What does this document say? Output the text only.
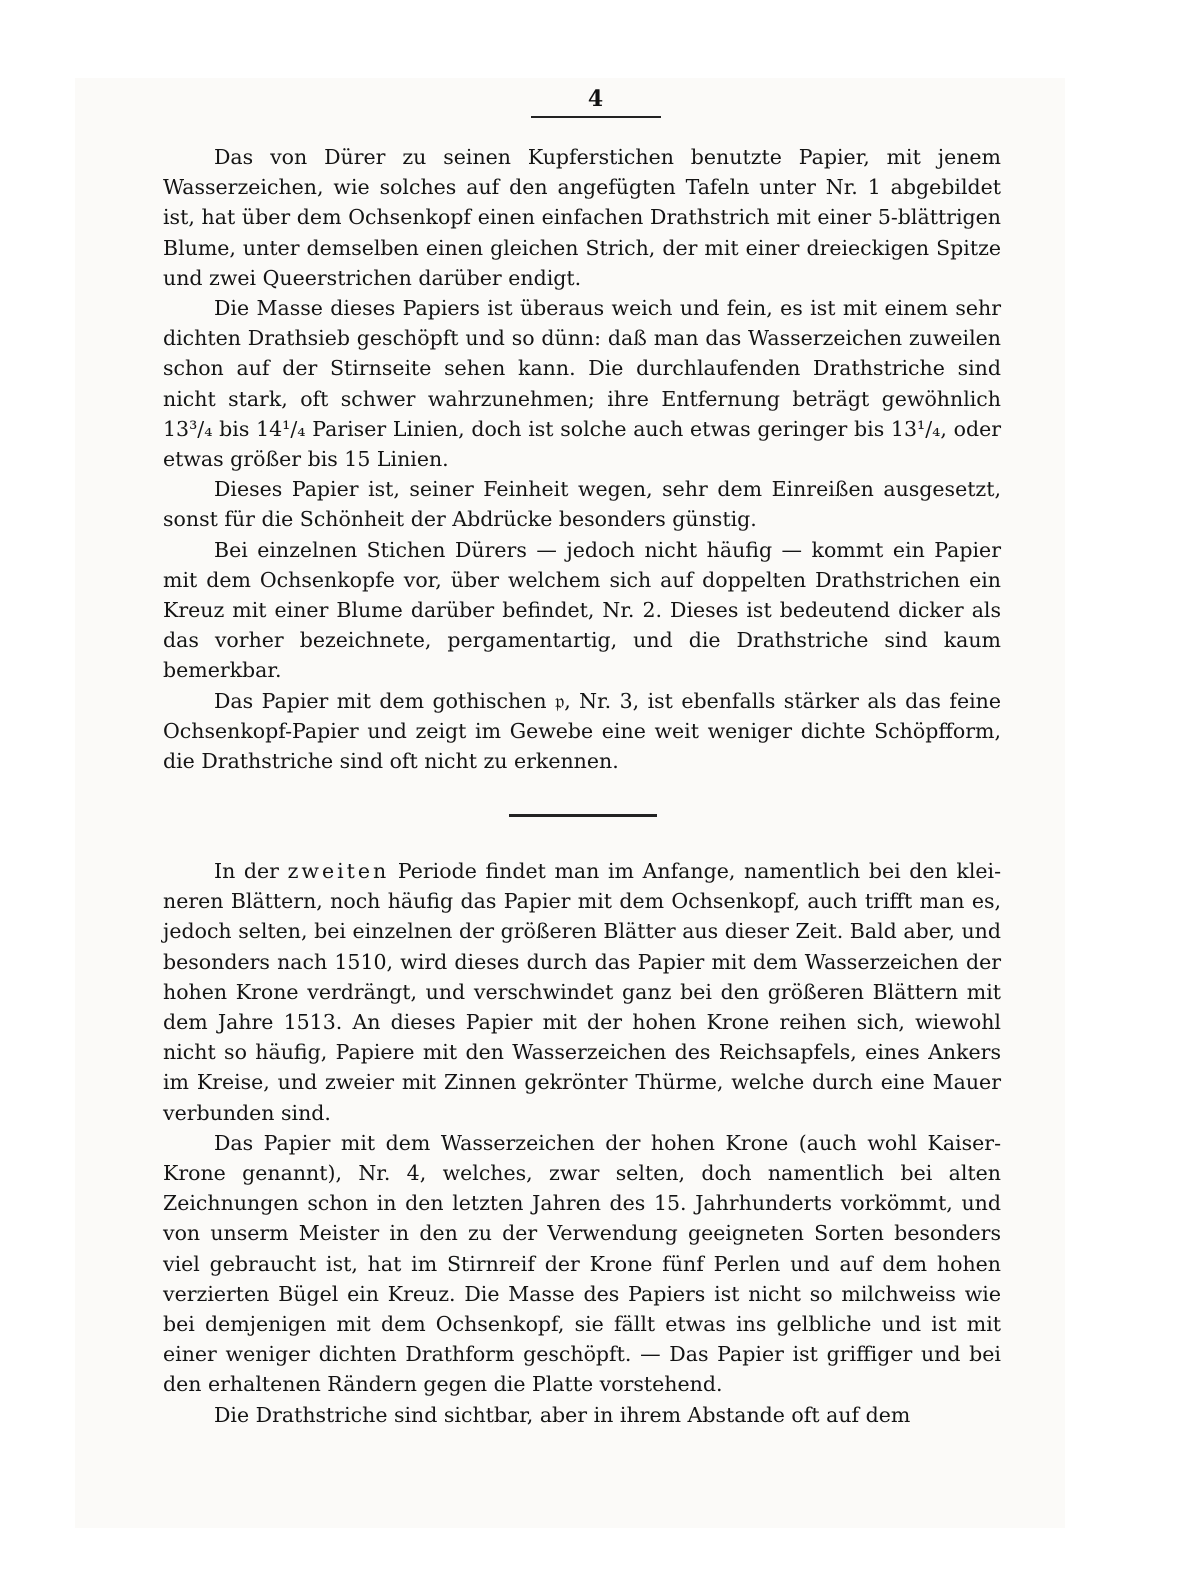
4

Das von Dürer zu seinen Kupferstichen benutzte Papier, mit jenem Wasserzeichen, wie solches auf den angefügten Tafeln unter Nr. 1 abgebildet ist, hat über dem Ochsenkopf einen einfachen Drathstrich mit einer 5-blättrigen Blume, unter demselben einen gleichen Strich, der mit einer dreieckigen Spitze und zwei Queerstrichen darüber endigt.

Die Masse dieses Papiers ist überaus weich und fein, es ist mit einem sehr dichten Drathsieb geschöpft und so dünn: daß man das Wasserzeichen zuweilen schon auf der Stirnseite sehen kann. Die durchlaufenden Drathstriche sind nicht stark, oft schwer wahrzunehmen; ihre Entfernung beträgt gewöhnlich 13³/₄ bis 14¹/₄ Pariser Linien, doch ist solche auch etwas geringer bis 13¹/₄, oder etwas größer bis 15 Linien.

Dieses Papier ist, seiner Feinheit wegen, sehr dem Einreißen ausgesetzt, sonst für die Schönheit der Abdrücke besonders günstig.

Bei einzelnen Stichen Dürers — jedoch nicht häufig — kommt ein Papier mit dem Ochsenkopfe vor, über welchem sich auf doppelten Drathstrichen ein Kreuz mit einer Blume darüber befindet, Nr. 2. Dieses ist bedeutend dicker als das vorher bezeichnete, pergamentartig, und die Drathstriche sind kaum bemerkbar.

Das Papier mit dem gothischen 𝔭, Nr. 3, ist ebenfalls stärker als das feine Ochsenkopf-Papier und zeigt im Gewebe eine weit weniger dichte Schöpfform, die Drathstriche sind oft nicht zu erkennen.

In der zweiten Periode findet man im Anfange, namentlich bei den kleineren Blättern, noch häufig das Papier mit dem Ochsenkopf, auch trifft man es, jedoch selten, bei einzelnen der größeren Blätter aus dieser Zeit. Bald aber, und besonders nach 1510, wird dieses durch das Papier mit dem Wasserzeichen der hohen Krone verdrängt, und verschwindet ganz bei den größeren Blättern mit dem Jahre 1513. An dieses Papier mit der hohen Krone reihen sich, wiewohl nicht so häufig, Papiere mit den Wasserzeichen des Reichsapfels, eines Ankers im Kreise, und zweier mit Zinnen gekrönter Thürme, welche durch eine Mauer verbunden sind.

Das Papier mit dem Wasserzeichen der hohen Krone (auch wohl KaiserKrone genannt), Nr. 4, welches, zwar selten, doch namentlich bei alten Zeichnungen schon in den letzten Jahren des 15. Jahrhunderts vorkömmt, und von unserm Meister in den zu der Verwendung geeigneten Sorten besonders viel gebraucht ist, hat im Stirnreif der Krone fünf Perlen und auf dem hohen verzierten Bügel ein Kreuz. Die Masse des Papiers ist nicht so milchweiss wie bei demjenigen mit dem Ochsenkopf, sie fällt etwas ins gelbliche und ist mit einer weniger dichten Drathform geschöpft. — Das Papier ist griffiger und bei den erhaltenen Rändern gegen die Platte vorstehend.

Die Drathstriche sind sichtbar, aber in ihrem Abstande oft auf dem
